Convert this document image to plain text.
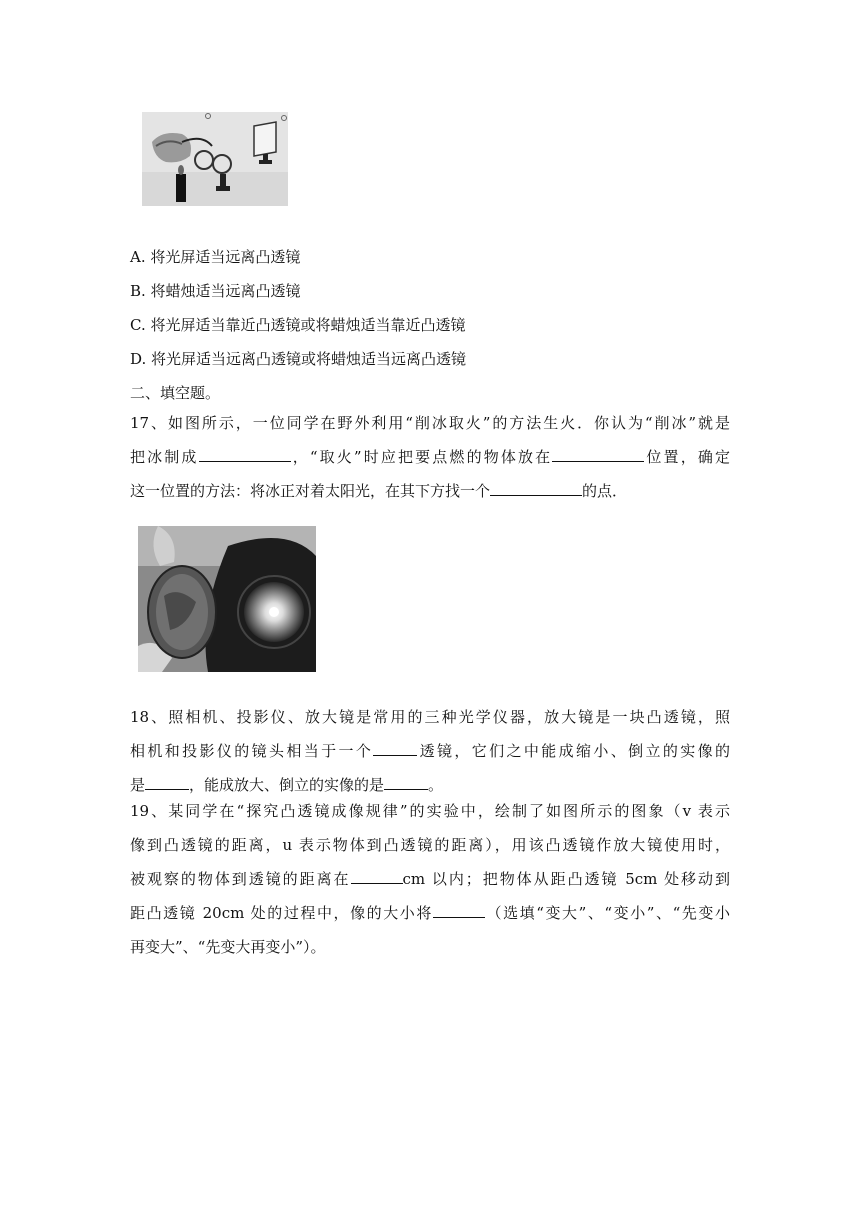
A. 将光屏适当远离凸透镜
B. 将蜡烛适当远离凸透镜
C. 将光屏适当靠近凸透镜或将蜡烛适当靠近凸透镜
D. 将光屏适当远离凸透镜或将蜡烛适当远离凸透镜
二、填空题。
17、如图所示，一位同学在野外利用“削冰取火”的方法生火．你认为“削冰”就是
把冰制成	，“取火”时应把要点燃的物体放在	位置，确定
这一位置的方法：将冰正对着太阳光，在其下方找一个	的点．
18、照相机、投影仪、放大镜是常用的三种光学仪器，放大镜是一块凸透镜，照
相机和投影仪的镜头相当于一个	透镜，它们之中能成缩小、倒立的实像的
是	，能成放大、倒立的实像的是	。
19、某同学在“探究凸透镜成像规律”的实验中，绘制了如图所示的图象（v 表示
像到凸透镜的距离，u 表示物体到凸透镜的距离），用该凸透镜作放大镜使用时，
被观察的物体到透镜的距离在	cm 以内；把物体从距凸透镜 5cm 处移动到
距凸透镜 20cm 处的过程中，像的大小将	（选填“变大”、“变小”、“先变小
再变大”、“先变大再变小”）。
